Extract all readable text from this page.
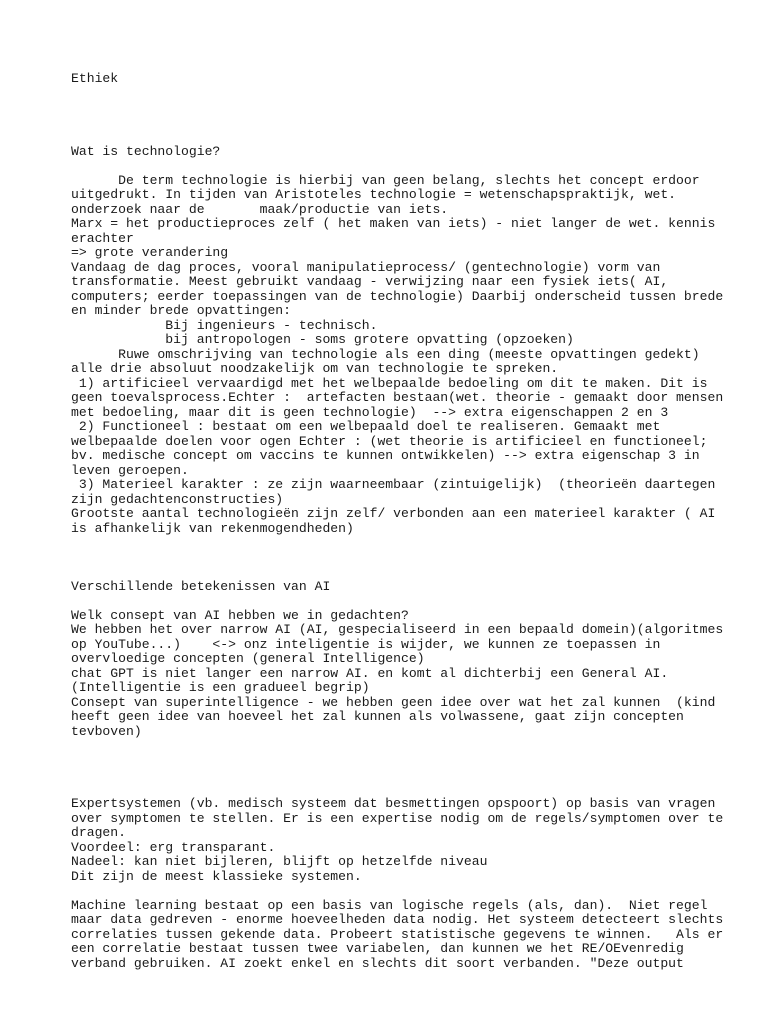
Ethiek
Wat is technologie?
De term technologie is hierbij van geen belang, slechts het concept erdoor
uitgedrukt. In tijden van Aristoteles technologie = wetenschapspraktijk, wet.
onderzoek naar de       maak/productie van iets.
Marx = het productieproces zelf ( het maken van iets) - niet langer de wet. kennis
erachter
=> grote verandering
Vandaag de dag proces, vooral manipulatieprocess/ (gentechnologie) vorm van
transformatie. Meest gebruikt vandaag - verwijzing naar een fysiek iets( AI,
computers; eerder toepassingen van de technologie) Daarbij onderscheid tussen brede
en minder brede opvattingen:
Bij ingenieurs - technisch.
bij antropologen - soms grotere opvatting (opzoeken)
Ruwe omschrijving van technologie als een ding (meeste opvattingen gedekt)
alle drie absoluut noodzakelijk om van technologie te spreken.
1) artificieel vervaardigd met het welbepaalde bedoeling om dit te maken. Dit is
geen toevalsprocess.Echter :  artefacten bestaan(wet. theorie - gemaakt door mensen
met bedoeling, maar dit is geen technologie)  --> extra eigenschappen 2 en 3
2) Functioneel : bestaat om een welbepaald doel te realiseren. Gemaakt met
welbepaalde doelen voor ogen Echter : (wet theorie is artificieel en functioneel;
bv. medische concept om vaccins te kunnen ontwikkelen) --> extra eigenschap 3 in
leven geroepen.
3) Materieel karakter : ze zijn waarneembaar (zintuigelijk)  (theorieën daartegen
zijn gedachtenconstructies)
Grootste aantal technologieën zijn zelf/ verbonden aan een materieel karakter ( AI
is afhankelijk van rekenmogendheden)
Verschillende betekenissen van AI
Welk consept van AI hebben we in gedachten?
We hebben het over narrow AI (AI, gespecialiseerd in een bepaald domein)(algoritmes
op YouTube...)    <-> onz inteligentie is wijder, we kunnen ze toepassen in
overvloedige concepten (general Intelligence)
chat GPT is niet langer een narrow AI. en komt al dichterbij een General AI.
(Intelligentie is een gradueel begrip)
Consept van superintelligence - we hebben geen idee over wat het zal kunnen  (kind
heeft geen idee van hoeveel het zal kunnen als volwassene, gaat zijn concepten
tevboven)
Expertsystemen (vb. medisch systeem dat besmettingen opspoort) op basis van vragen
over symptomen te stellen. Er is een expertise nodig om de regels/symptomen over te
dragen.
Voordeel: erg transparant.
Nadeel: kan niet bijleren, blijft op hetzelfde niveau
Dit zijn de meest klassieke systemen.
Machine learning bestaat op een basis van logische regels (als, dan).  Niet regel
maar data gedreven - enorme hoeveelheden data nodig. Het systeem detecteert slechts
correlaties tussen gekende data. Probeert statistische gegevens te winnen.   Als er
een correlatie bestaat tussen twee variabelen, dan kunnen we het RE/OEvenredig
verband gebruiken. AI zoekt enkel en slechts dit soort verbanden. "Deze output
